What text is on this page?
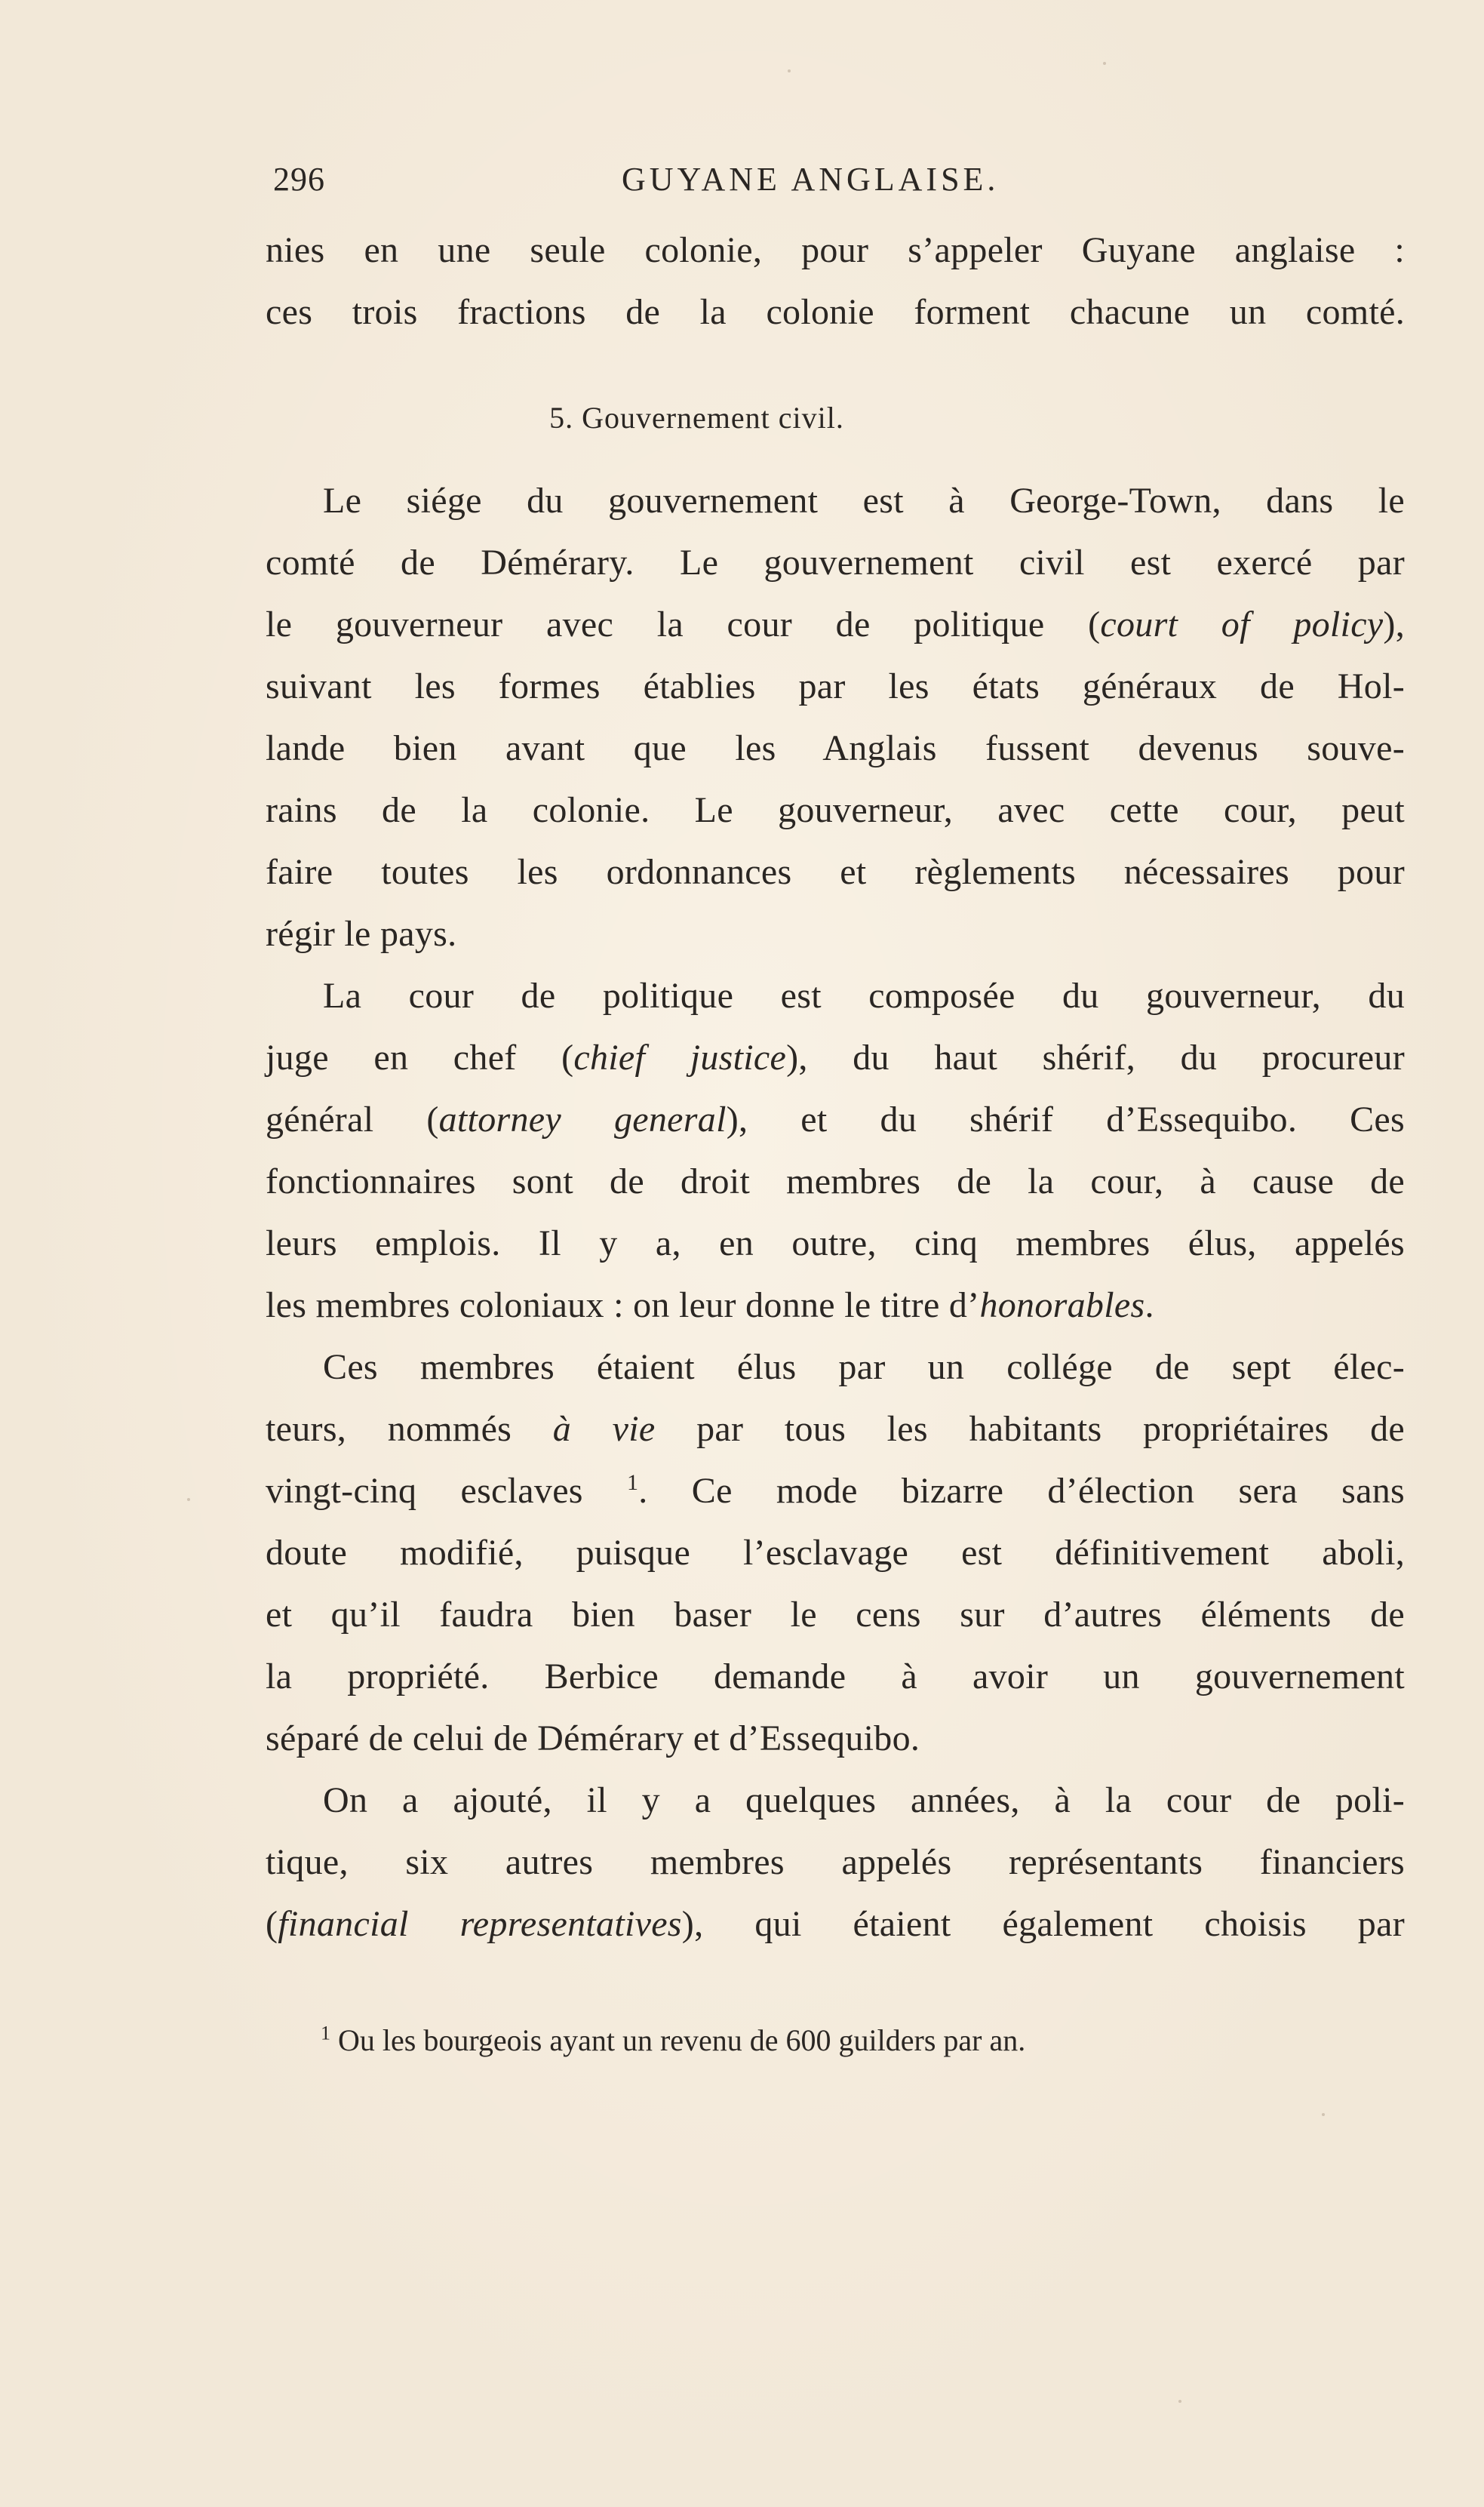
296	GUYANE ANGLAISE.
nies en une seule colonie, pour s’appeler Guyane anglaise :
ces trois fractions de la colonie forment chacune un comté.
5. Gouvernement civil.
Le siége du gouvernement est à George-Town, dans le
comté de Démérary. Le gouvernement civil est exercé par
le gouverneur avec la cour de politique (court of policy),
suivant les formes établies par les états généraux de Hol-
lande bien avant que les Anglais fussent devenus souve-
rains de la colonie. Le gouverneur, avec cette cour, peut
faire toutes les ordonnances et règlements nécessaires pour
régir le pays.
La cour de politique est composée du gouverneur, du
juge en chef (chief justice), du haut shérif, du procureur
général (attorney general), et du shérif d’Essequibo. Ces
fonctionnaires sont de droit membres de la cour, à cause de
leurs emplois. Il y a, en outre, cinq membres élus, appelés
les membres coloniaux : on leur donne le titre d’honorables.
Ces membres étaient élus par un collége de sept élec-
teurs, nommés à vie par tous les habitants propriétaires de
vingt-cinq esclaves $^1$. Ce mode bizarre d’élection sera sans
doute modifié, puisque l’esclavage est définitivement aboli,
et qu’il faudra bien baser le cens sur d’autres éléments de
la propriété. Berbice demande à avoir un gouvernement
séparé de celui de Démérary et d’Essequibo.
On a ajouté, il y a quelques années, à la cour de poli-
tique, six autres membres appelés représentants financiers
(financial representatives), qui étaient également choisis par
$^1$ Ou les bourgeois ayant un revenu de 600 guilders par an.
